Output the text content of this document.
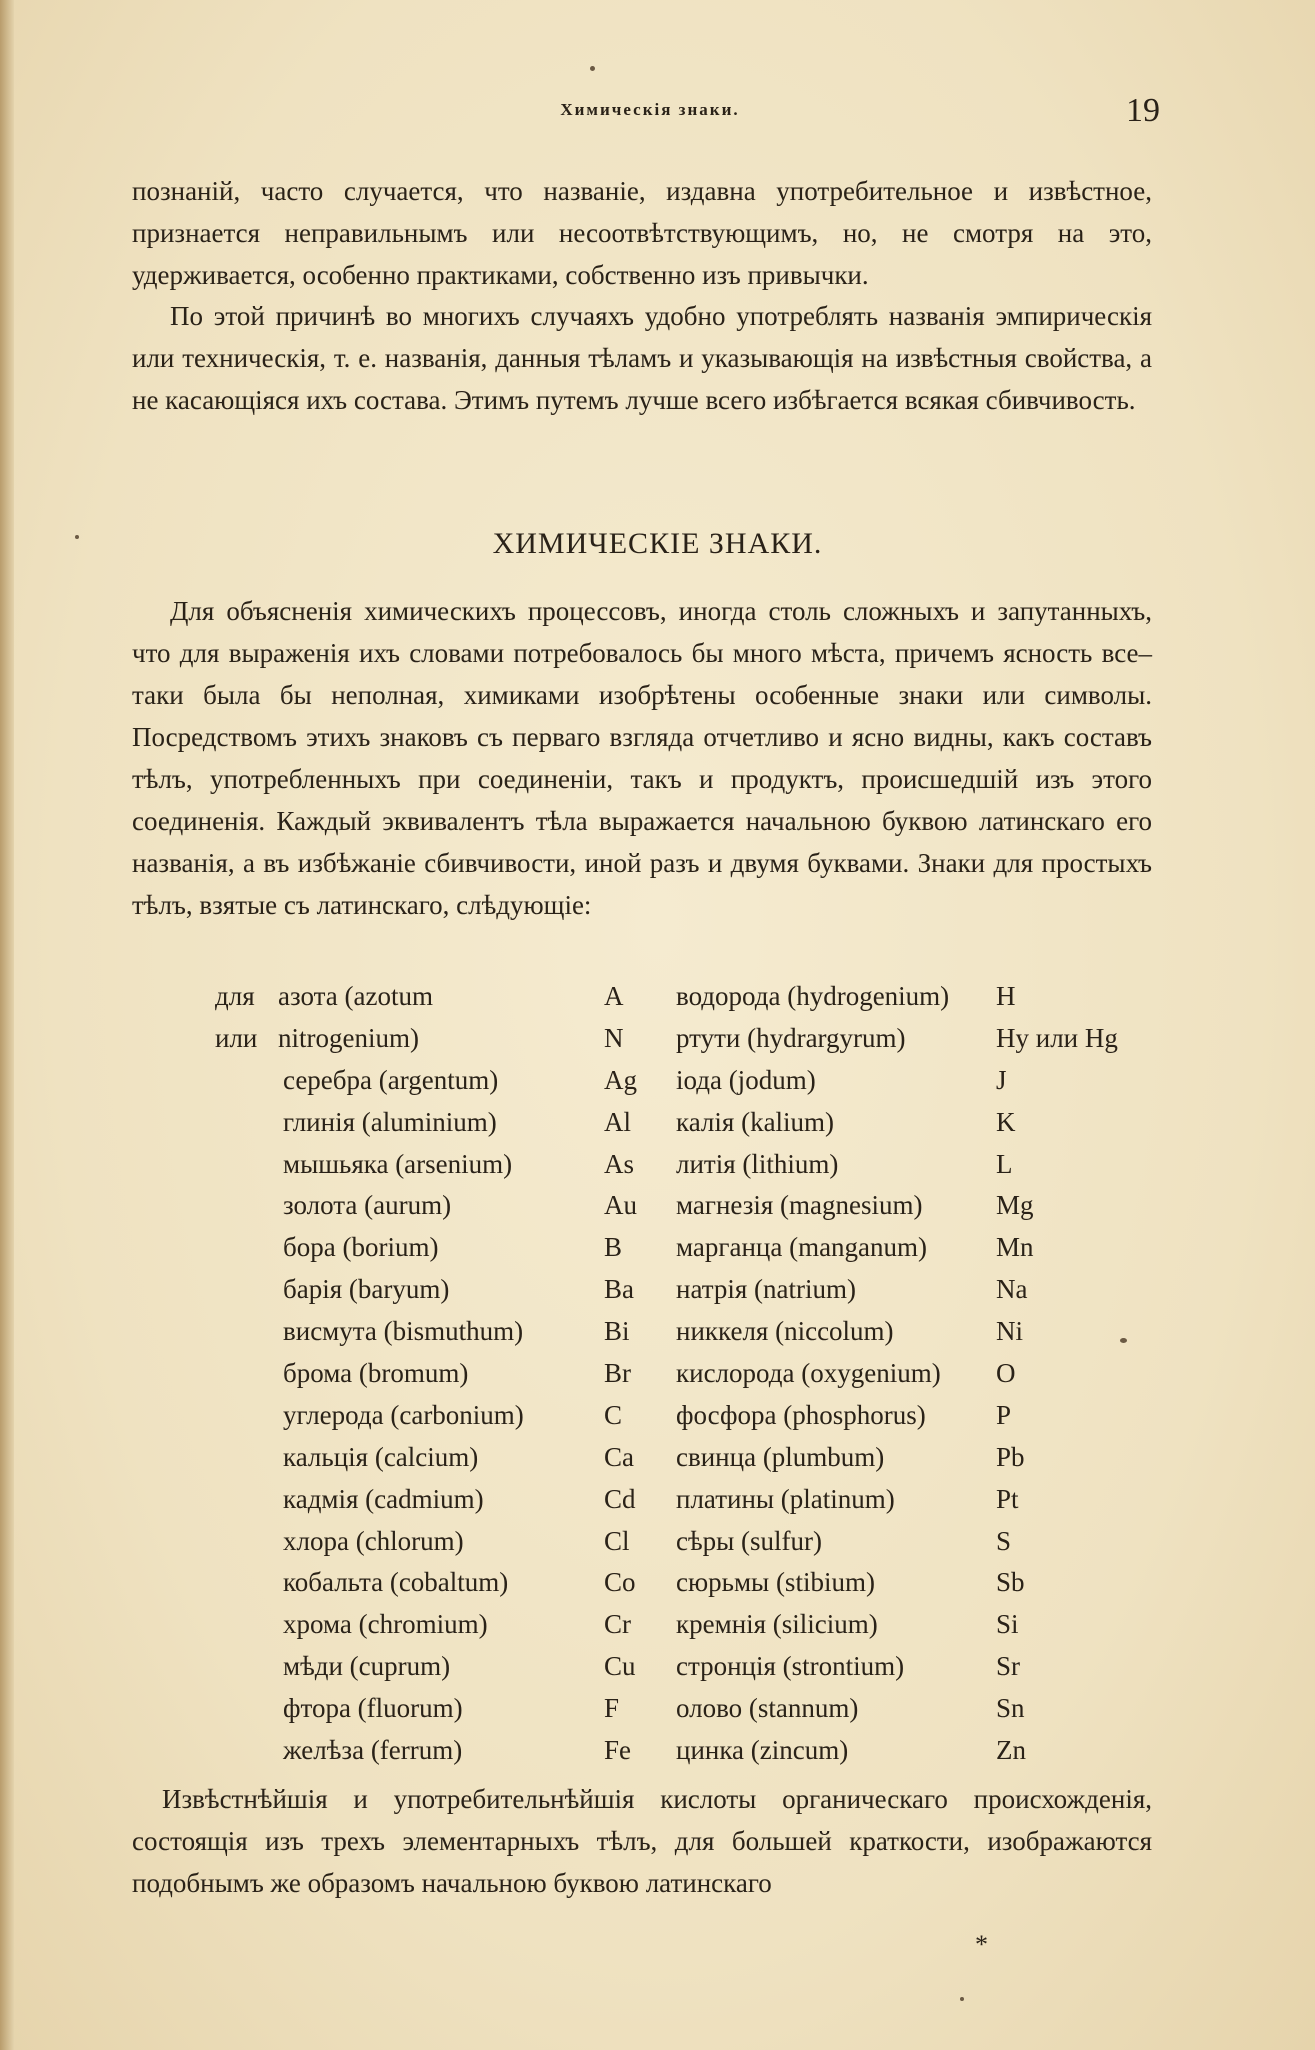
Химическія знаки.	19
познаній, часто случается, что названіе, издавна употребительное и извѣстное, признается неправильнымъ или несоотвѣтствующимъ, но, не смотря на это, удерживается, особенно практиками, собственно изъ привычки.
По этой причинѣ во многихъ случаяхъ удобно употреблять названія эмпирическія или техническія, т. е. названія, данныя тѣламъ и указывающія на извѣстныя свойства, а не касающіяся ихъ состава. Этимъ путемъ лучше всего избѣгается всякая сбивчивость.
ХИМИЧЕСКІЕ ЗНАКИ.
Для объясненія химическихъ процессовъ, иногда столь сложныхъ и запутанныхъ, что для выраженія ихъ словами потребовалось бы много мѣста, причемъ ясность все–таки была бы неполная, химиками изобрѣтены особенные знаки или символы. Посредствомъ этихъ знаковъ съ перваго взгляда отчетливо и ясно видны, какъ составъ тѣлъ, употребленныхъ при соединеніи, такъ и продуктъ, происшедшій изъ этого соединенія. Каждый эквивалентъ тѣла выражается начальною буквою латинскаго его названія, а въ избѣжаніе сбивчивости, иной разъ и двумя буквами. Знаки для простыхъ тѣлъ, взятые съ латинскаго, слѣдующіе:
для азота (azotum	A водорода (hydrogenium) H
или nitrogenium)	N ртути (hydrargyrum)	Hy или Hg
серебра (argentum)	Ag іода (jodum)	J
глинія (aluminium)	Al калія (kalium)	K
мышьяка (arsenium)	As литія (lithium)	L
золота (aurum)	Au магнезія (magnesium)	Mg
бора (borium)	B марганца (manganum)	Mn
барія (baryum)	Ba натрія (natrium)	Na
висмута (bismuthum)	Bi никкеля (niccolum)	Ni
брома (bromum)	Br кислорода (oxygenium) O
углерода (carbonium)	C фосфора (phosphorus)	P
кальція (calcium)	Ca свинца (plumbum)	Pb
кадмія (cadmium)	Cd платины (platinum)	Pt
хлора (chlorum)	Cl сѣры (sulfur)	S
кобальта (cobaltum)	Co сюрьмы (stibium)	Sb
хрома (chromium)	Cr кремнія (silicium)	Si
мѣди (cuprum)	Cu стронція (strontium)	Sr
фтора (fluorum)	F олово (stannum)	Sn
желѣза (ferrum)	Fe цинка (zincum)	Zn
Извѣстнѣйшія и употребительнѣйшія кислоты органическаго происхожденія, состоящія изъ трехъ элементарныхъ тѣлъ, для большей краткости, изображаются подобнымъ же образомъ начальною буквою латинскаго
*
